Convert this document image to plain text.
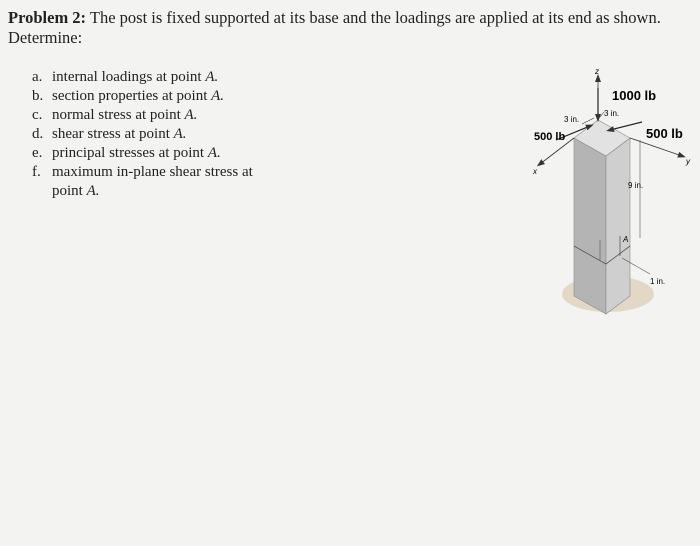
Problem 2: The post is fixed supported at its base and the loadings are applied at its end as shown.
Determine:
a. internal loadings at point A.
b. section properties at point A.
c. normal stress at point A.
d. shear stress at point A.
e. principal stresses at point A.
f. maximum in-plane shear stress at
point A.
z
y
x
1000 lb
500 lb	500 lb
3 in.
3 in.
9 in.
A
1 in.
